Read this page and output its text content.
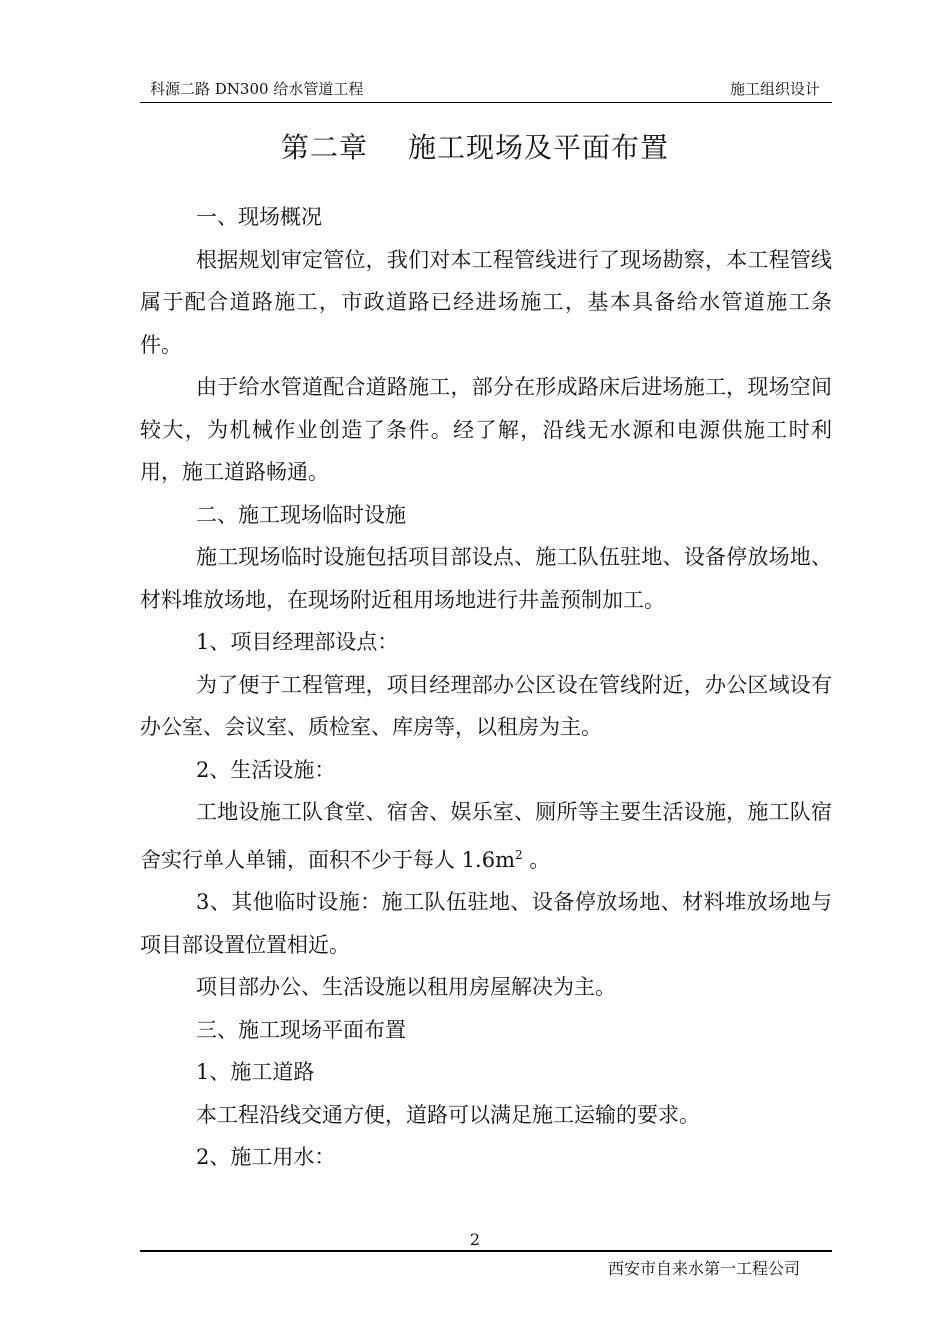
科源二路 DN300 给水管道工程	施工组织设计
第二章 施工现场及平面布置

一、现场概况

根据规划审定管位，我们对本工程管线进行了现场勘察，本工程管线属于配合道路施工，市政道路已经进场施工，基本具备给水管道施工条件。

由于给水管道配合道路施工，部分在形成路床后进场施工，现场空间较大，为机械作业创造了条件。经了解，沿线无水源和电源供施工时利用，施工道路畅通。

二、施工现场临时设施

施工现场临时设施包括项目部设点、施工队伍驻地、设备停放场地、材料堆放场地，在现场附近租用场地进行井盖预制加工。

1、项目经理部设点：

为了便于工程管理，项目经理部办公区设在管线附近，办公区域设有办公室、会议室、质检室、库房等，以租房为主。

2、生活设施：

工地设施工队食堂、宿舍、娱乐室、厕所等主要生活设施，施工队宿舍实行单人单铺，面积不少于每人 $1.6m^2$ 。

3、其他临时设施：施工队伍驻地、设备停放场地、材料堆放场地与项目部设置位置相近。

项目部办公、生活设施以租用房屋解决为主。

三、施工现场平面布置

1、施工道路

本工程沿线交通方便，道路可以满足施工运输的要求。

2、施工用水：

2
西安市自来水第一工程公司
